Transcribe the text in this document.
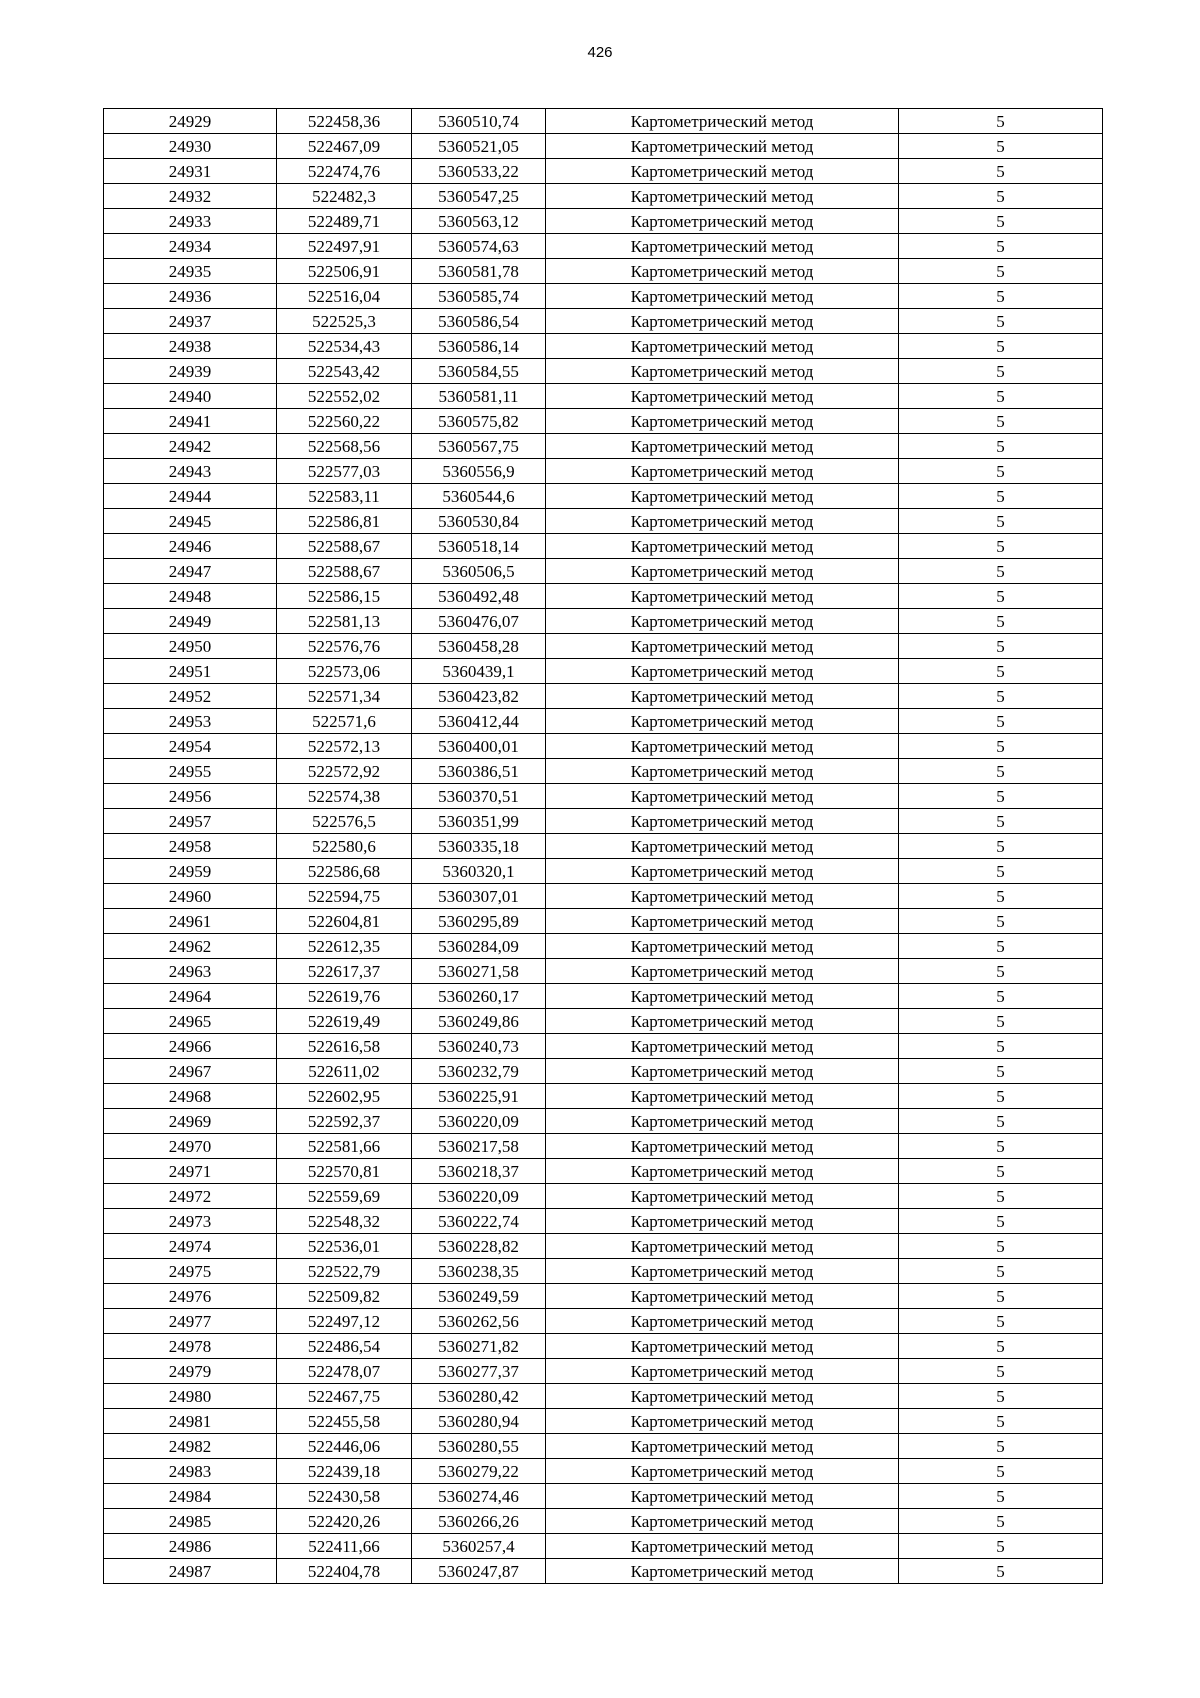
426
24929	522458,36	5360510,74	Картометрический метод	5
24930	522467,09	5360521,05	Картометрический метод	5
24931	522474,76	5360533,22	Картометрический метод	5
24932	522482,3	5360547,25	Картометрический метод	5
24933	522489,71	5360563,12	Картометрический метод	5
24934	522497,91	5360574,63	Картометрический метод	5
24935	522506,91	5360581,78	Картометрический метод	5
24936	522516,04	5360585,74	Картометрический метод	5
24937	522525,3	5360586,54	Картометрический метод	5
24938	522534,43	5360586,14	Картометрический метод	5
24939	522543,42	5360584,55	Картометрический метод	5
24940	522552,02	5360581,11	Картометрический метод	5
24941	522560,22	5360575,82	Картометрический метод	5
24942	522568,56	5360567,75	Картометрический метод	5
24943	522577,03	5360556,9	Картометрический метод	5
24944	522583,11	5360544,6	Картометрический метод	5
24945	522586,81	5360530,84	Картометрический метод	5
24946	522588,67	5360518,14	Картометрический метод	5
24947	522588,67	5360506,5	Картометрический метод	5
24948	522586,15	5360492,48	Картометрический метод	5
24949	522581,13	5360476,07	Картометрический метод	5
24950	522576,76	5360458,28	Картометрический метод	5
24951	522573,06	5360439,1	Картометрический метод	5
24952	522571,34	5360423,82	Картометрический метод	5
24953	522571,6	5360412,44	Картометрический метод	5
24954	522572,13	5360400,01	Картометрический метод	5
24955	522572,92	5360386,51	Картометрический метод	5
24956	522574,38	5360370,51	Картометрический метод	5
24957	522576,5	5360351,99	Картометрический метод	5
24958	522580,6	5360335,18	Картометрический метод	5
24959	522586,68	5360320,1	Картометрический метод	5
24960	522594,75	5360307,01	Картометрический метод	5
24961	522604,81	5360295,89	Картометрический метод	5
24962	522612,35	5360284,09	Картометрический метод	5
24963	522617,37	5360271,58	Картометрический метод	5
24964	522619,76	5360260,17	Картометрический метод	5
24965	522619,49	5360249,86	Картометрический метод	5
24966	522616,58	5360240,73	Картометрический метод	5
24967	522611,02	5360232,79	Картометрический метод	5
24968	522602,95	5360225,91	Картометрический метод	5
24969	522592,37	5360220,09	Картометрический метод	5
24970	522581,66	5360217,58	Картометрический метод	5
24971	522570,81	5360218,37	Картометрический метод	5
24972	522559,69	5360220,09	Картометрический метод	5
24973	522548,32	5360222,74	Картометрический метод	5
24974	522536,01	5360228,82	Картометрический метод	5
24975	522522,79	5360238,35	Картометрический метод	5
24976	522509,82	5360249,59	Картометрический метод	5
24977	522497,12	5360262,56	Картометрический метод	5
24978	522486,54	5360271,82	Картометрический метод	5
24979	522478,07	5360277,37	Картометрический метод	5
24980	522467,75	5360280,42	Картометрический метод	5
24981	522455,58	5360280,94	Картометрический метод	5
24982	522446,06	5360280,55	Картометрический метод	5
24983	522439,18	5360279,22	Картометрический метод	5
24984	522430,58	5360274,46	Картометрический метод	5
24985	522420,26	5360266,26	Картометрический метод	5
24986	522411,66	5360257,4	Картометрический метод	5
24987	522404,78	5360247,87	Картометрический метод	5
